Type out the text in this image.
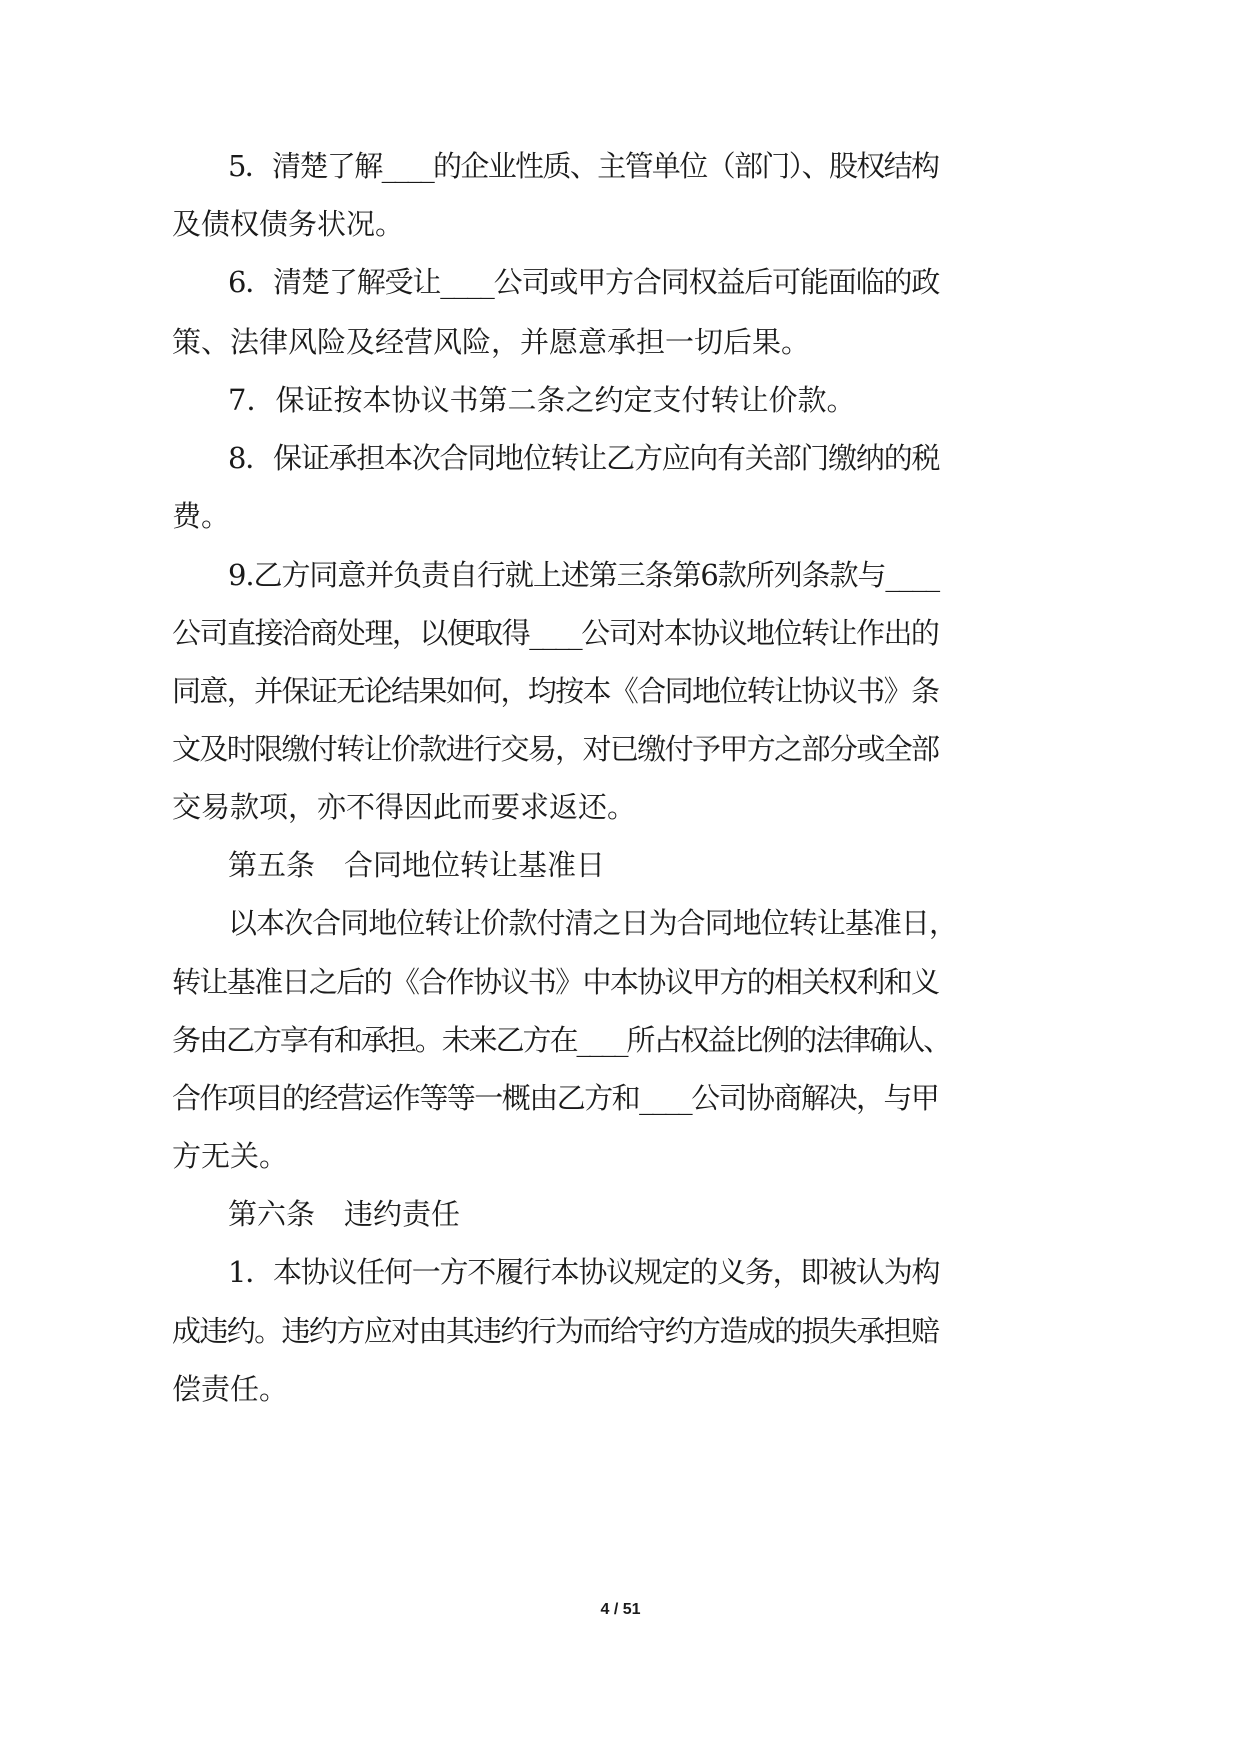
5．清楚了解____的企业性质、主管单位（部门）、股权结构
及债权债务状况。
6．清楚了解受让____公司或甲方合同权益后可能面临的政
策、法律风险及经营风险，并愿意承担一切后果。
7．保证按本协议书第二条之约定支付转让价款。
8．保证承担本次合同地位转让乙方应向有关部门缴纳的税
费。
9.乙方同意并负责自行就上述第三条第6款所列条款与____
公司直接洽商处理，以便取得____公司对本协议地位转让作出的
同意，并保证无论结果如何，均按本《合同地位转让协议书》条
文及时限缴付转让价款进行交易，对已缴付予甲方之部分或全部
交易款项，亦不得因此而要求返还。
第五条　合同地位转让基准日
以本次合同地位转让价款付清之日为合同地位转让基准日，
转让基准日之后的《合作协议书》中本协议甲方的相关权利和义
务由乙方享有和承担。未来乙方在____所占权益比例的法律确认、
合作项目的经营运作等等一概由乙方和____公司协商解决，与甲
方无关。
第六条　违约责任
1．本协议任何一方不履行本协议规定的义务，即被认为构
成违约。违约方应对由其违约行为而给守约方造成的损失承担赔
偿责任。
4 / 51
